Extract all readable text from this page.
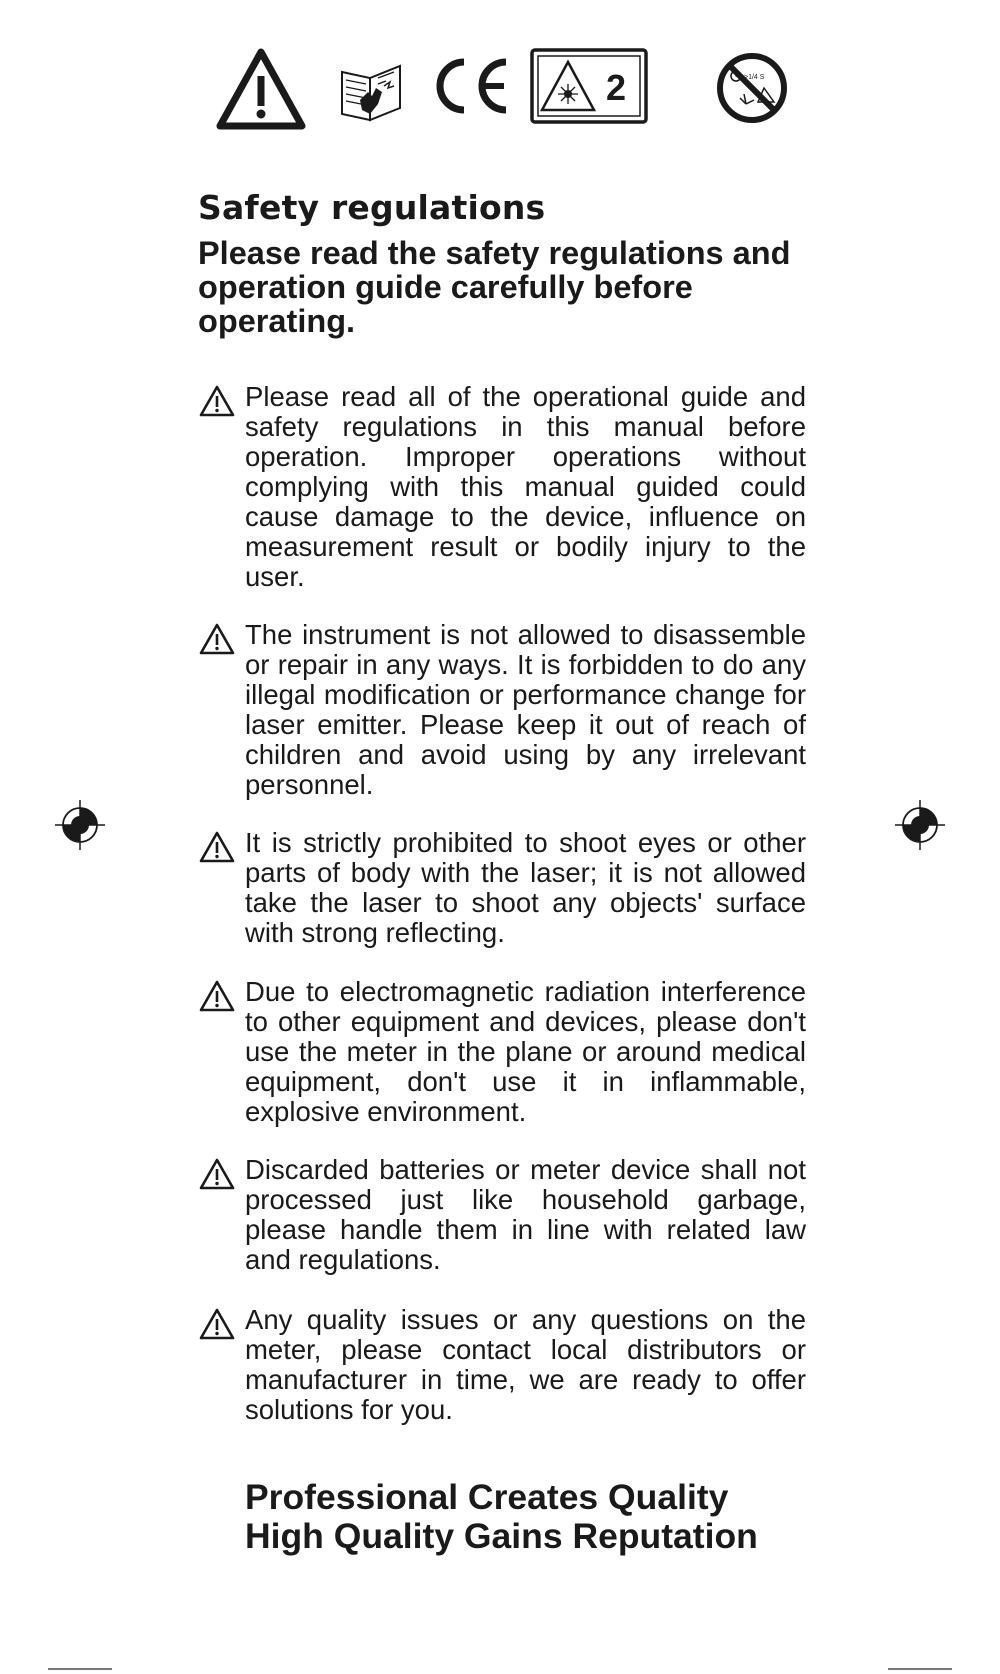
2	>1/4 S
Safety regulations
Please read the safety regulations and operation guide carefully before operating.
Please read all of the operational guide and safety regulations in this manual before operation. Improper operations without complying with this manual guided could cause damage to the device, influence on measurement result or bodily injury to the user.
The instrument is not allowed to disassemble or repair in any ways. It is forbidden to do any illegal modification or performance change for laser emitter. Please keep it out of reach of children and avoid using by any irrelevant personnel.
It is strictly prohibited to shoot eyes or other parts of body with the laser; it is not allowed take the laser to shoot any objects' surface with strong reflecting.
Due to electromagnetic radiation interference to other equipment and devices, please don't use the meter in the plane or around medical equipment, don't use it in inflammable, explosive environment.
Discarded batteries or meter device shall not processed just like household garbage, please handle them in line with related law and regulations.
Any quality issues or any questions on the meter, please contact local distributors or manufacturer in time, we are ready to offer solutions for you.
Professional Creates Quality
High Quality Gains Reputation
